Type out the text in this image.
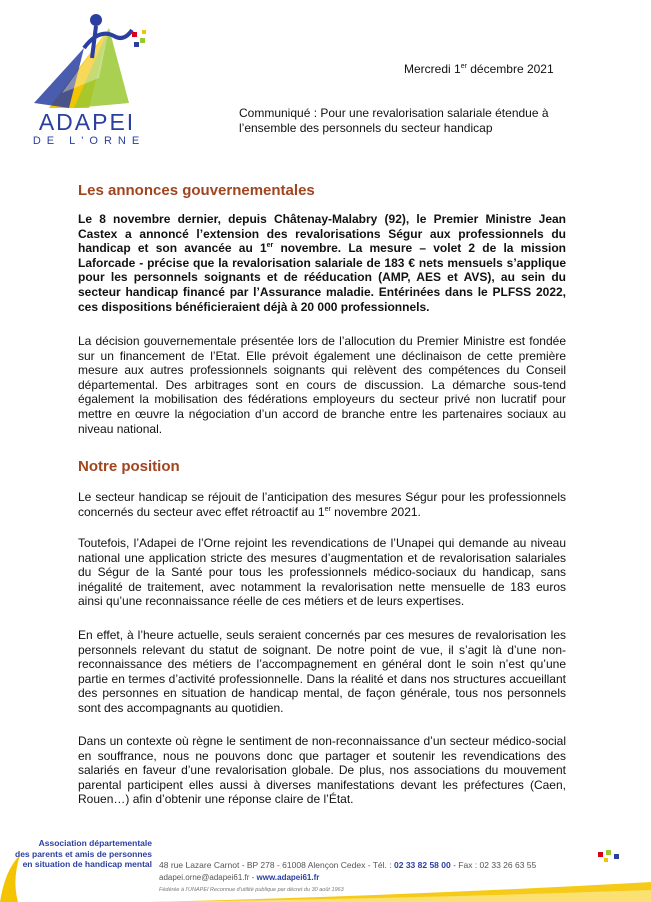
ADAPEI
DE L'ORNE
Mercredi 1er décembre 2021
Communiqué : Pour une revalorisation salariale étendue à l’ensemble des personnels du secteur handicap
Les annonces gouvernementales
Le 8 novembre dernier, depuis Châtenay-Malabry (92), le Premier Ministre Jean Castex a annoncé l’extension des revalorisations Ségur aux professionnels du handicap et son avancée au 1er novembre. La mesure – volet 2 de la mission Laforcade - précise que la revalorisation salariale de 183 € nets mensuels s’applique pour les personnels soignants et de rééducation (AMP, AES et AVS), au sein du secteur handicap financé par l’Assurance maladie. Entérinées dans le PLFSS 2022, ces dispositions bénéficieraient déjà à 20 000 professionnels.
La décision gouvernementale présentée lors de l’allocution du Premier Ministre est fondée sur un financement de l’Etat. Elle prévoit également une déclinaison de cette première mesure aux autres professionnels soignants qui relèvent des compétences du Conseil départemental. Des arbitrages sont en cours de discussion. La démarche sous-tend également la mobilisation des fédérations employeurs du secteur privé non lucratif pour mettre en œuvre la négociation d’un accord de branche entre les partenaires sociaux au niveau national.
Notre position
Le secteur handicap se réjouit de l’anticipation des mesures Ségur pour les professionnels concernés du secteur avec effet rétroactif au 1er novembre 2021.
Toutefois, l’Adapei de l’Orne rejoint les revendications de l’Unapei qui demande au niveau national une application stricte des mesures d’augmentation et de revalorisation salariales du Ségur de la Santé pour tous les professionnels médico-sociaux du handicap, sans inégalité de traitement, avec notamment la revalorisation nette mensuelle de 183 euros ainsi qu’une reconnaissance réelle de ces métiers et de leurs expertises.
En effet, à l’heure actuelle, seuls seraient concernés par ces mesures de revalorisation les personnels relevant du statut de soignant. De notre point de vue, il s’agit là d’une non-reconnaissance des métiers de l’accompagnement en général dont le soin n’est qu’une partie en termes d’activité professionnelle. Dans la réalité et dans nos structures accueillant des personnes en situation de handicap mental, de façon générale, tous nos personnels sont des accompagnants au quotidien.
Dans un contexte où règne le sentiment de non-reconnaissance d’un secteur médico-social en souffrance, nous ne pouvons donc que partager et soutenir les revendications des salariés en faveur d’une revalorisation globale. De plus, nos associations du mouvement parental participent elles aussi à diverses manifestations devant les préfectures (Caen, Rouen…) afin d’obtenir une réponse claire de l’État.
Association départementale
des parents et amis de personnes
en situation de handicap mental 48 rue Lazare Carnot - BP 278 - 61008 Alençon Cedex - Tél. : 02 33 82 58 00 - Fax : 02 33 26 63 55
adapei.orne@adapei61.fr - www.adapei61.fr
Fédérée à l’UNAPEI Reconnue d’utilité publique par décret du 30 août 1963
